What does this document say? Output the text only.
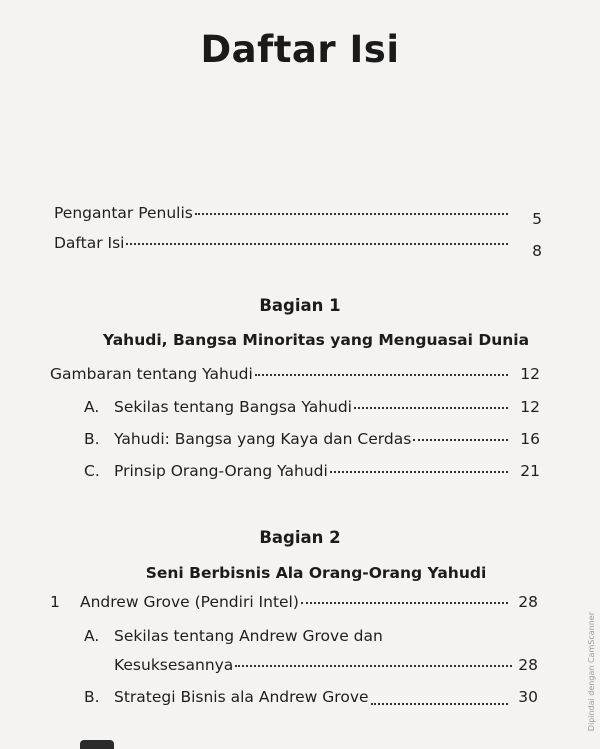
Daftar Isi
Pengantar Penulis	5
Daftar Isi	8
Bagian 1
Yahudi, Bangsa Minoritas yang Menguasai Dunia
Gambaran tentang Yahudi	12
A. Sekilas tentang Bangsa Yahudi	12
B. Yahudi: Bangsa yang Kaya dan Cerdas	16
C. Prinsip Orang-Orang Yahudi	21
Bagian 2
Seni Berbisnis Ala Orang-Orang Yahudi
1	Andrew Grove (Pendiri Intel)	28
A. Sekilas tentang Andrew Grove dan
Kesuksesannya	28
B. Strategi Bisnis ala Andrew Grove	30	Dipindai dengan CamScanner
